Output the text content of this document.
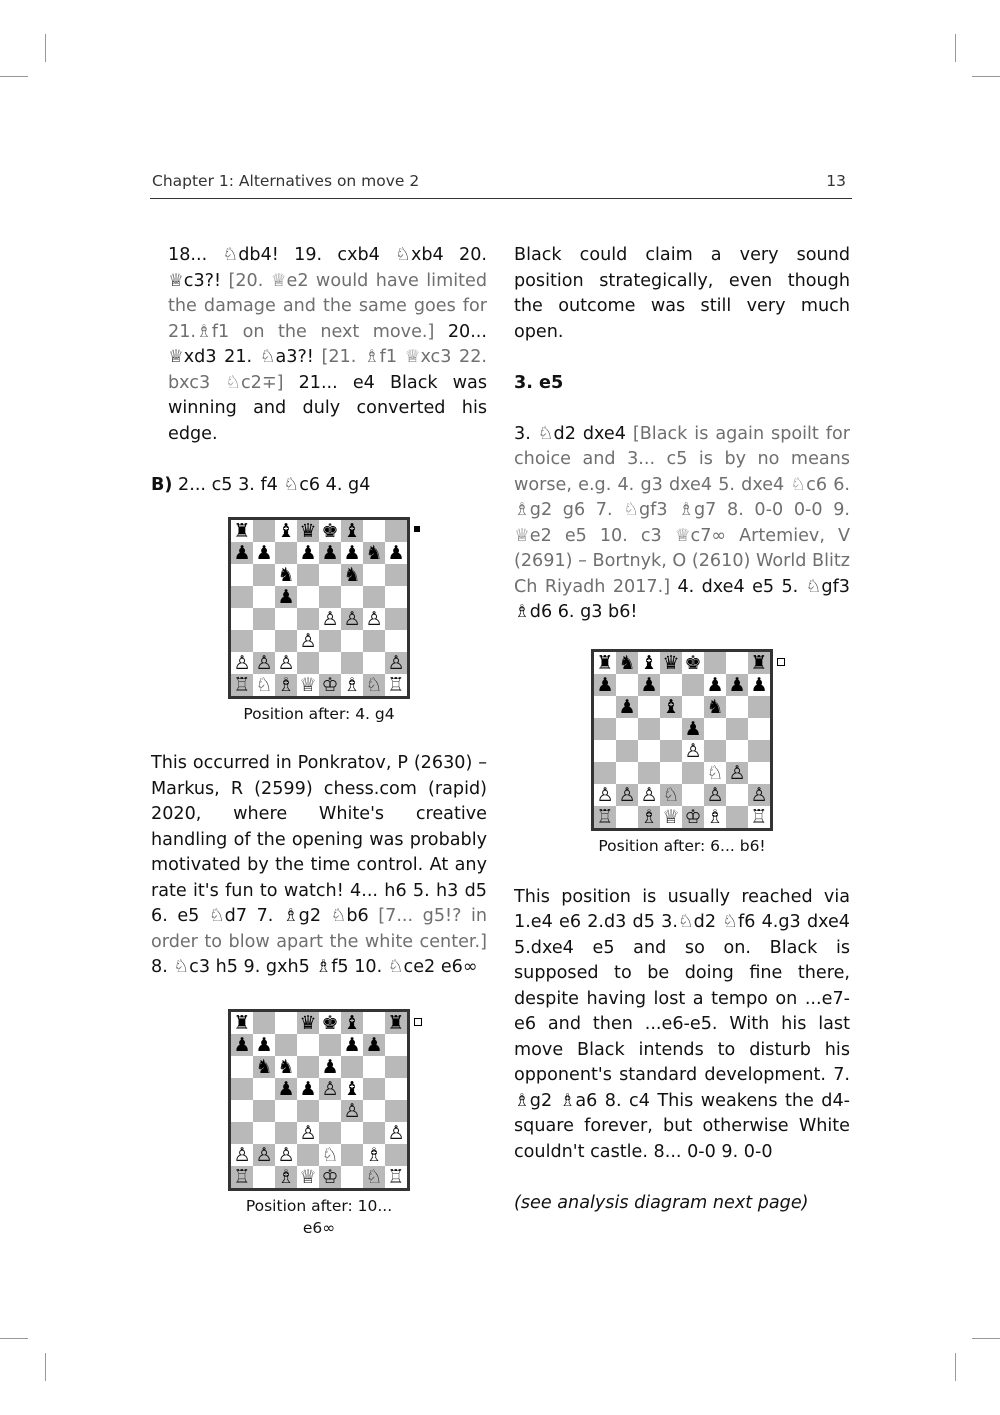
Chapter 1: Alternatives on move 2	13

18... ♘db4! 19. cxb4 ♘xb4 20. ♕c3?! [20. ♕e2 would have limited the damage and the same goes for 21.♗f1 on the next move.] 20... ♕xd3 21. ♘a3?! [21. ♗f1 ♕xc3 22. bxc3 ♘c2∓] 21... e4 Black was winning and duly converted his edge.

B) 2... c5 3. f4 ♘c6 4. g4

♜ ♝ ♛ ♚ ♝
♟ ♟ ♟ ♟ ♟ ♞ ♟
♞	♞
♟
♙ ♙ ♙
♙
♙ ♙ ♙	♙
♖ ♘ ♗ ♕ ♔ ♗ ♘ ♖
Position after: 4. g4

This occurred in Ponkratov, P (2630) – Markus, R (2599) chess.com (rapid) 2020, where White's creative handling of the opening was probably motivated by the time control. At any rate it's fun to watch! 4... h6 5. h3 d5 6. e5 ♘d7 7. ♗g2 ♘b6 [7... g5!? in order to blow apart the white center.] 8. ♘c3 h5 9. gxh5 ♗f5 10. ♘ce2 e6∞

♜	♛ ♚ ♝ ♜
♟ ♟	♟ ♟
♞ ♞ ♟
♟ ♟ ♙ ♝
♙
♙	♙
♙ ♙ ♙ ♘ ♗
♖ ♗ ♕ ♔ ♘ ♖
Position after: 10... e6∞

Black could claim a very sound position strategically, even though the outcome was still very much open.

3. e5

3. ♘d2 dxe4 [Black is again spoilt for choice and 3... c5 is by no means worse, e.g. 4. g3 dxe4 5. dxe4 ♘c6 6. ♗g2 g6 7. ♘gf3 ♗g7 8. 0-0 0-0 9. ♕e2 e5 10. c3 ♕c7∞ Artemiev, V (2691) – Bortnyk, O (2610) World Blitz Ch Riyadh 2017.] 4. dxe4 e5 5. ♘gf3 ♗d6 6. g3 b6!

♜ ♞ ♝ ♛ ♚	♜
♟ ♟	♟ ♟ ♟
♟ ♝ ♞
♟
♙
♘ ♙
♙ ♙ ♙ ♘ ♙ ♙
♖ ♗ ♕ ♔ ♗ ♖
Position after: 6... b6!

This position is usually reached via 1.e4 e6 2.d3 d5 3.♘d2 ♘f6 4.g3 dxe4 5.dxe4 e5 and so on. Black is supposed to be doing fine there, despite having lost a tempo on ...e7-e6 and then ...e6-e5. With his last move Black intends to disturb his opponent's standard development. 7. ♗g2 ♗a6 8. c4 This weakens the d4-square forever, but otherwise White couldn't castle. 8... 0-0 9. 0-0

(see analysis diagram next page)
